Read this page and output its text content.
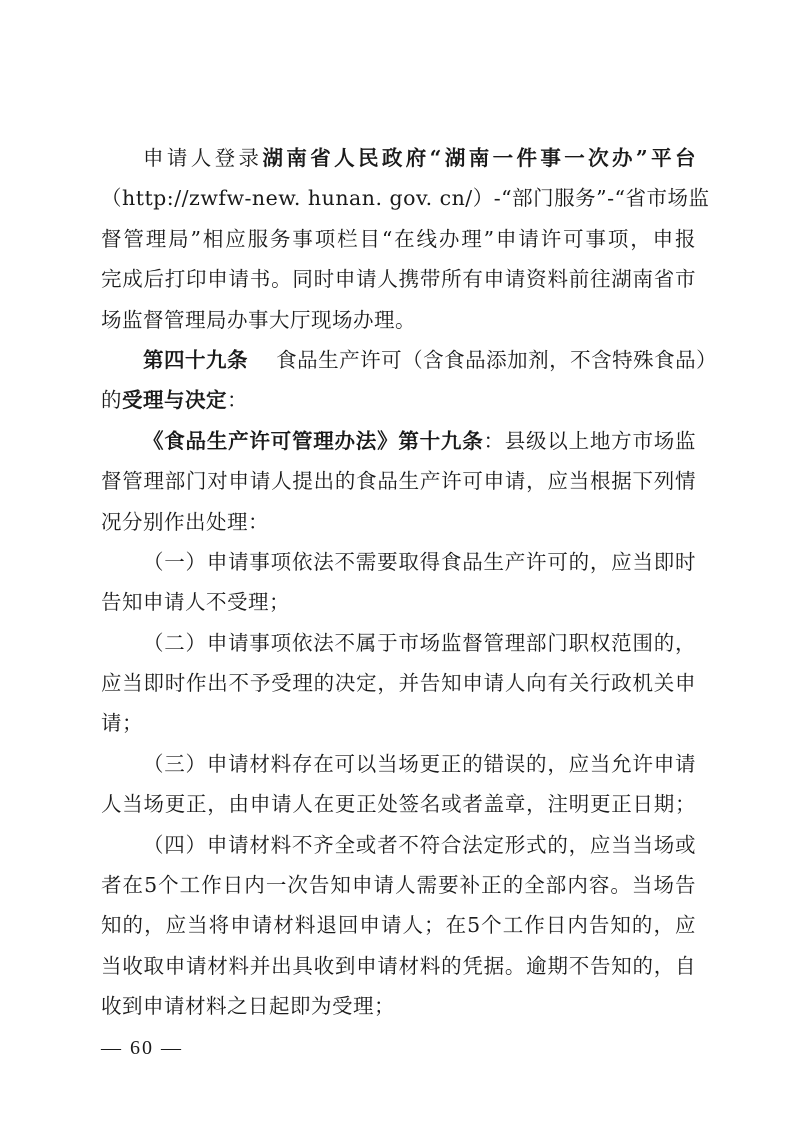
申请人登录湖南省人民政府“湖南一件事一次办”平台
（http://zwfw-new. hunan. gov. cn/）-“部门服务”-“省市场监
督管理局”相应服务事项栏目“在线办理”申请许可事项，申报
完成后打印申请书。同时申请人携带所有申请资料前往湖南省市
场监督管理局办事大厅现场办理。
第四十九条 食品生产许可（含食品添加剂，不含特殊食品）
的受理与决定：
《食品生产许可管理办法》第十九条：县级以上地方市场监
督管理部门对申请人提出的食品生产许可申请，应当根据下列情
况分别作出处理：
（一）申请事项依法不需要取得食品生产许可的，应当即时
告知申请人不受理；
（二）申请事项依法不属于市场监督管理部门职权范围的，
应当即时作出不予受理的决定，并告知申请人向有关行政机关申
请；
（三）申请材料存在可以当场更正的错误的，应当允许申请
人当场更正，由申请人在更正处签名或者盖章，注明更正日期；
（四）申请材料不齐全或者不符合法定形式的，应当当场或
者在5个工作日内一次告知申请人需要补正的全部内容。当场告
知的，应当将申请材料退回申请人；在5个工作日内告知的，应
当收取申请材料并出具收到申请材料的凭据。逾期不告知的，自
收到申请材料之日起即为受理；
— 60 —
